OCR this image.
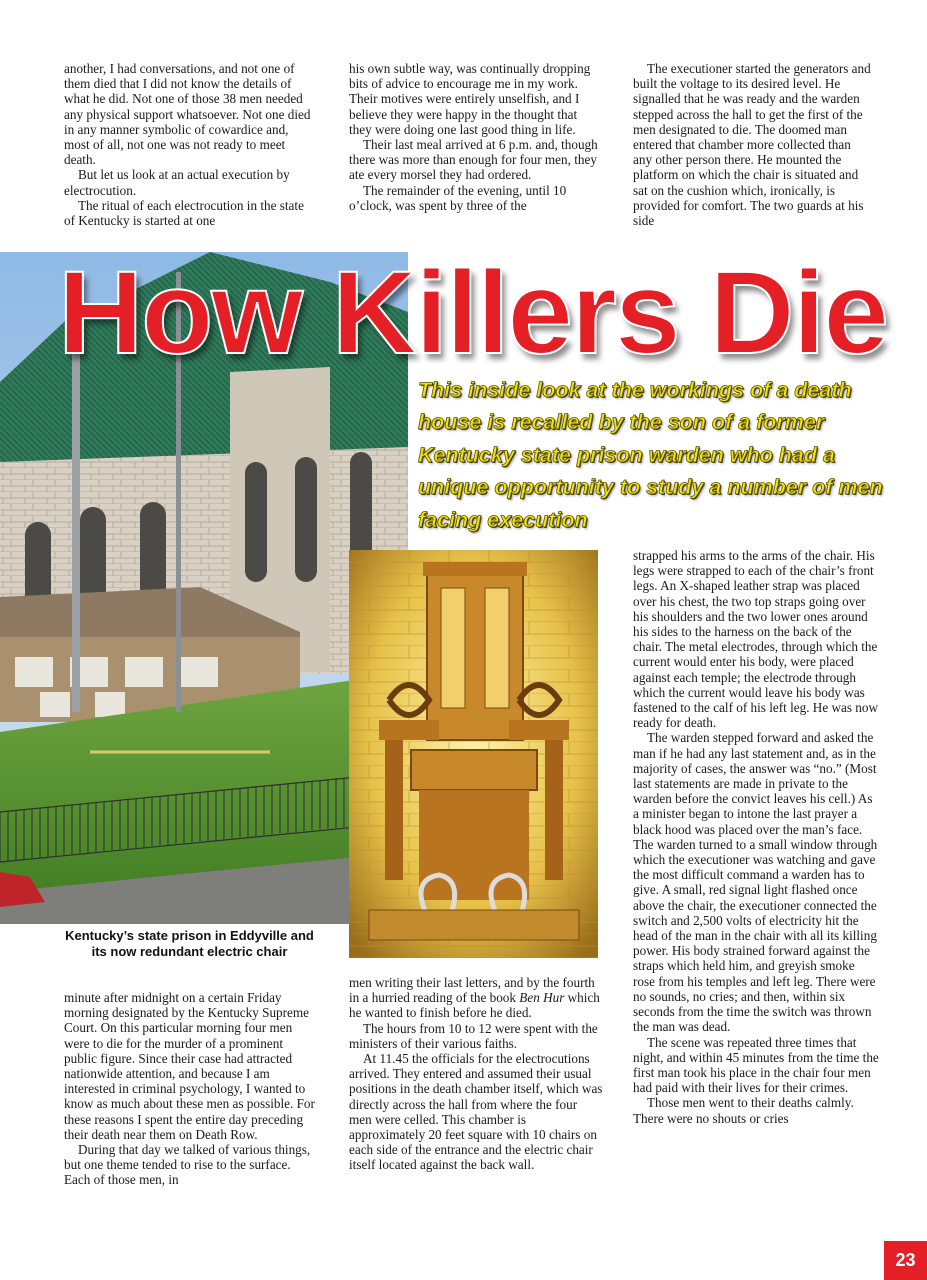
another, I had conversations, and not one of them died that I did not know the details of what he did. Not one of those 38 men needed any physical support whatsoever. Not one died in any manner symbolic of cowardice and, most of all, not one was not ready to meet death.

But let us look at an actual execution by electrocution.

The ritual of each electrocution in the state of Kentucky is started at one

his own subtle way, was continually dropping bits of advice to encourage me in my work. Their motives were entirely unselfish, and I believe they were happy in the thought that they were doing one last good thing in life.

Their last meal arrived at 6 p.m. and, though there was more than enough for four men, they ate every morsel they had ordered.

The remainder of the evening, until 10 o’clock, was spent by three of the

The executioner started the generators and built the voltage to its desired level. He signalled that he was ready and the warden stepped across the hall to get the first of the men designated to die. The doomed man entered that chamber more collected than any other person there. He mounted the platform on which the chair is situated and sat on the cushion which, ironically, is provided for comfort. The two guards at his side

How Killers Die
This inside look at the workings of a death house is recalled by the son of a former Kentucky state prison warden who had a unique opportunity to study a number of men facing execution
Kentucky’s state prison in Eddyville and its now redundant electric chair

minute after midnight on a certain Friday morning designated by the Kentucky Supreme Court. On this particular morning four men were to die for the murder of a prominent public figure. Since their case had attracted nationwide attention, and because I am interested in criminal psychology, I wanted to know as much about these men as possible. For these reasons I spent the entire day preceding their death near them on Death Row.

During that day we talked of various things, but one theme tended to rise to the surface. Each of those men, in

men writing their last letters, and by the fourth in a hurried reading of the book Ben Hur which he wanted to finish before he died.

The hours from 10 to 12 were spent with the ministers of their various faiths.

At 11.45 the officials for the electrocutions arrived. They entered and assumed their usual positions in the death chamber itself, which was directly across the hall from where the four men were celled. This chamber is approximately 20 feet square with 10 chairs on each side of the entrance and the electric chair itself located against the back wall.

strapped his arms to the arms of the chair. His legs were strapped to each of the chair’s front legs. An X-shaped leather strap was placed over his chest, the two top straps going over his shoulders and the two lower ones around his sides to the harness on the back of the chair. The metal electrodes, through which the current would enter his body, were placed against each temple; the electrode through which the current would leave his body was fastened to the calf of his left leg. He was now ready for death.

The warden stepped forward and asked the man if he had any last statement and, as in the majority of cases, the answer was “no.” (Most last statements are made in private to the warden before the convict leaves his cell.) As a minister began to intone the last prayer a black hood was placed over the man’s face. The warden turned to a small window through which the executioner was watching and gave the most difficult command a warden has to give. A small, red signal light flashed once above the chair, the executioner connected the switch and 2,500 volts of electricity hit the head of the man in the chair with all its killing power. His body strained forward against the straps which held him, and greyish smoke rose from his temples and left leg. There were no sounds, no cries; and then, within six seconds from the time the switch was thrown the man was dead.

The scene was repeated three times that night, and within 45 minutes from the time the first man took his place in the chair four men had paid with their lives for their crimes.

Those men went to their deaths calmly. There were no shouts or cries

23
